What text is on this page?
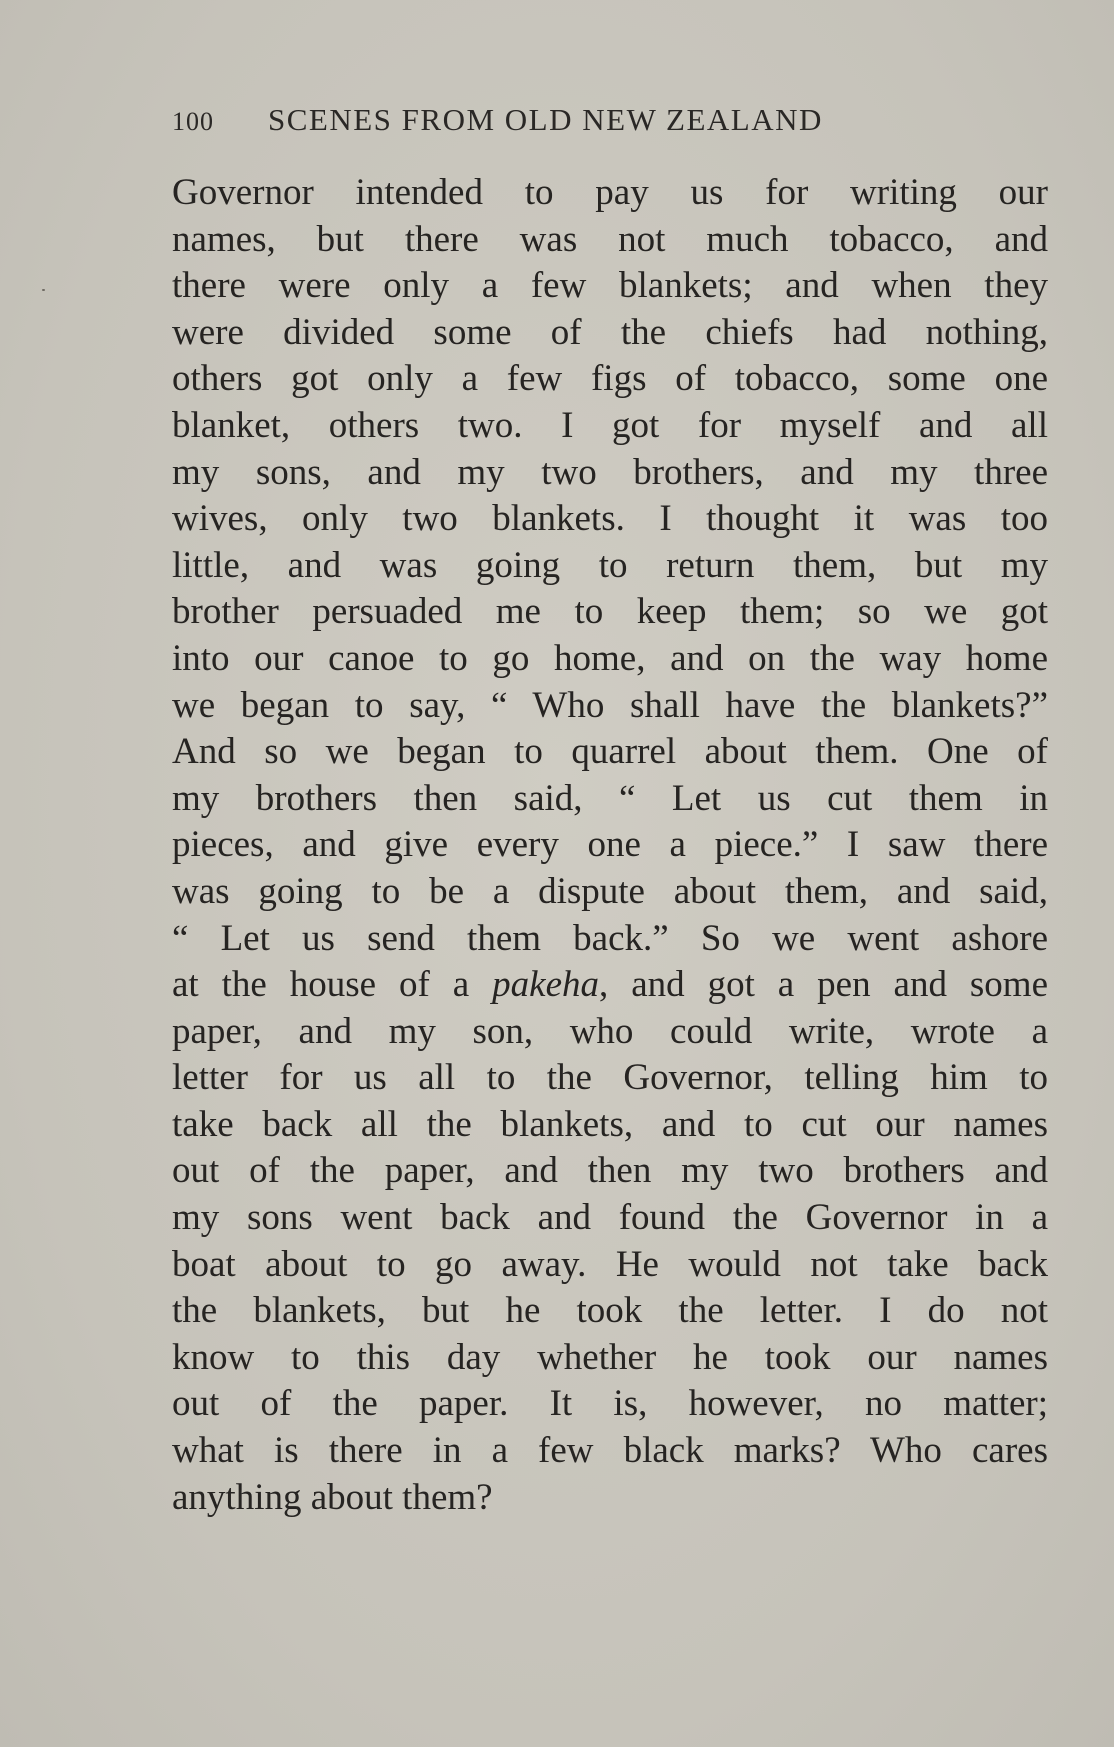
100 SCENES FROM OLD NEW ZEALAND
Governor intended to pay us for writing our
names, but there was not much tobacco, and
there were only a few blankets; and when they
were divided some of the chiefs had nothing,
others got only a few figs of tobacco, some one
blanket, others two. I got for myself and all
my sons, and my two brothers, and my three
wives, only two blankets. I thought it was too
little, and was going to return them, but my
brother persuaded me to keep them; so we got
into our canoe to go home, and on the way home
we began to say, “ Who shall have the blankets?”
And so we began to quarrel about them. One of
my brothers then said, “ Let us cut them in
pieces, and give every one a piece.” I saw there
was going to be a dispute about them, and said,
“ Let us send them back.” So we went ashore
at the house of a pakeha, and got a pen and some
paper, and my son, who could write, wrote a
letter for us all to the Governor, telling him to
take back all the blankets, and to cut our names
out of the paper, and then my two brothers and
my sons went back and found the Governor in a
boat about to go away. He would not take back
the blankets, but he took the letter. I do not
know to this day whether he took our names
out of the paper. It is, however, no matter;
what is there in a few black marks? Who cares
anything about them?
